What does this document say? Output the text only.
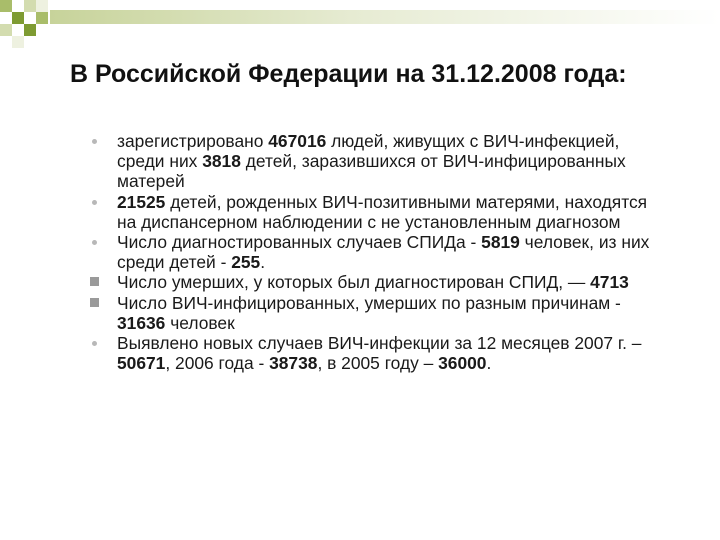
В Российской Федерации на 31.12.2008 года:
зарегистрировано 467016 людей, живущих с ВИЧ-инфекцией, среди них 3818 детей, заразившихся от ВИЧ-инфицированных матерей
21525 детей, рожденных ВИЧ-позитивными матерями, находятся на диспансерном наблюдении с не установленным диагнозом
Число диагностированных случаев СПИДа - 5819 человек, из них среди детей - 255.
Число умерших, у которых был диагностирован СПИД, — 4713
Число ВИЧ-инфицированных, умерших по разным причинам - 31636 человек
Выявлено новых случаев ВИЧ-инфекции за 12 месяцев 2007 г. – 50671, 2006 года - 38738, в 2005 году – 36000.
